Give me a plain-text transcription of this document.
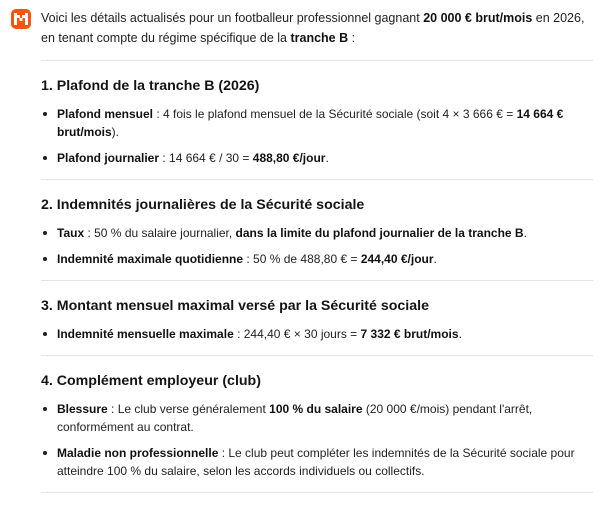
Voici les détails actualisés pour un footballeur professionnel gagnant 20 000 € brut/mois en 2026, en tenant compte du régime spécifique de la tranche B :

1. Plafond de la tranche B (2026)
Plafond mensuel : 4 fois le plafond mensuel de la Sécurité sociale (soit 4 × 3 666 € = 14 664 € brut/mois).
Plafond journalier : 14 664 € / 30 = 488,80 €/jour.
2. Indemnités journalières de la Sécurité sociale
Taux : 50 % du salaire journalier, dans la limite du plafond journalier de la tranche B.
Indemnité maximale quotidienne : 50 % de 488,80 € = 244,40 €/jour.
3. Montant mensuel maximal versé par la Sécurité sociale
Indemnité mensuelle maximale : 244,40 € × 30 jours = 7 332 € brut/mois.
4. Complément employeur (club)
Blessure : Le club verse généralement 100 % du salaire (20 000 €/mois) pendant l'arrêt, conformément au contrat.
Maladie non professionnelle : Le club peut compléter les indemnités de la Sécurité sociale pour atteindre 100 % du salaire, selon les accords individuels ou collectifs.
